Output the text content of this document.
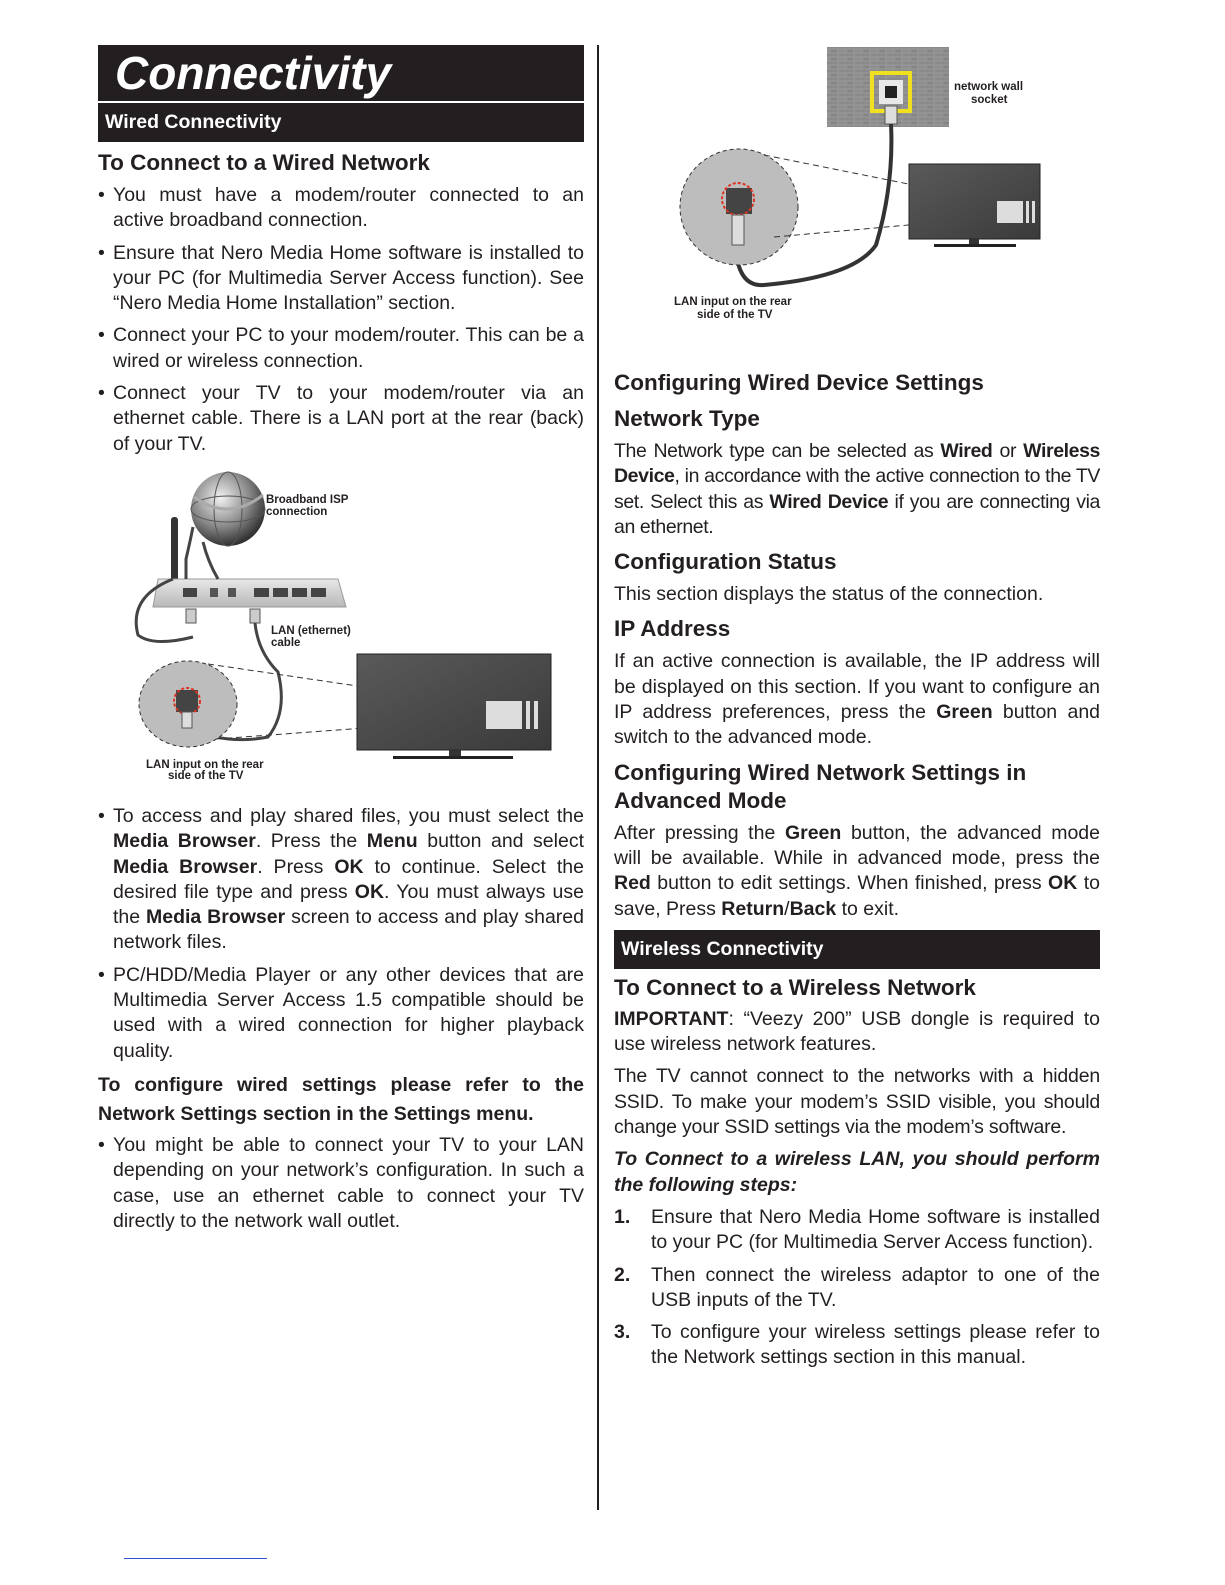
Connectivity
Wired Connectivity
To Connect to a Wired Network
• You must have a modem/router connected to an active broadband connection.
• Ensure that Nero Media Home software is installed to your PC (for Multimedia Server Access function). See “Nero Media Home Installation” section.
• Connect your PC to your modem/router. This can be a wired or wireless connection.
• Connect your TV to your modem/router via an ethernet cable. There is a LAN port at the rear (back) of your TV.
Broadband ISP
connection
LAN (ethernet)
cable
LAN input on the rear
side of the TV
• To access and play shared files, you must select the Media Browser. Press the Menu button and select Media Browser. Press OK to continue. Select the desired file type and press OK. You must always use the Media Browser screen to access and play shared network files.
• PC/HDD/Media Player or any other devices that are Multimedia Server Access 1.5 compatible should be used with a wired connection for higher playback quality.

To configure wired settings please refer to the Network Settings section in the Settings menu.

• You might be able to connect your TV to your LAN depending on your network’s configuration. In such a case, use an ethernet cable to connect your TV directly to the network wall outlet.
network wall
socket
LAN input on the rear
side of the TV
Configuring Wired Device Settings
Network Type

The Network type can be selected as Wired or Wireless Device, in accordance with the active connection to the TV set. Select this as Wired Device if you are connecting via an ethernet.

Configuration Status

This section displays the status of the connection.

IP Address

If an active connection is available, the IP address will be displayed on this section. If you want to configure an IP address preferences, press the Green button and switch to the advanced mode.

Configuring Wired Network Settings in Advanced Mode

After pressing the Green button, the advanced mode will be available. While in advanced mode, press the Red button to edit settings. When finished, press OK to save, Press Return/Back to exit.

Wireless Connectivity
To Connect to a Wireless Network

IMPORTANT: “Veezy 200” USB dongle is required to use wireless network features.

The TV cannot connect to the networks with a hidden SSID. To make your modem’s SSID visible, you should change your SSID settings via the modem’s software.

To Connect to a wireless LAN, you should perform the following steps:

1. Ensure that Nero Media Home software is installed to your PC (for Multimedia Server Access function).
2. Then connect the wireless adaptor to one of the USB inputs of the TV.
3. To configure your wireless settings please refer to the Network settings section in this manual.
